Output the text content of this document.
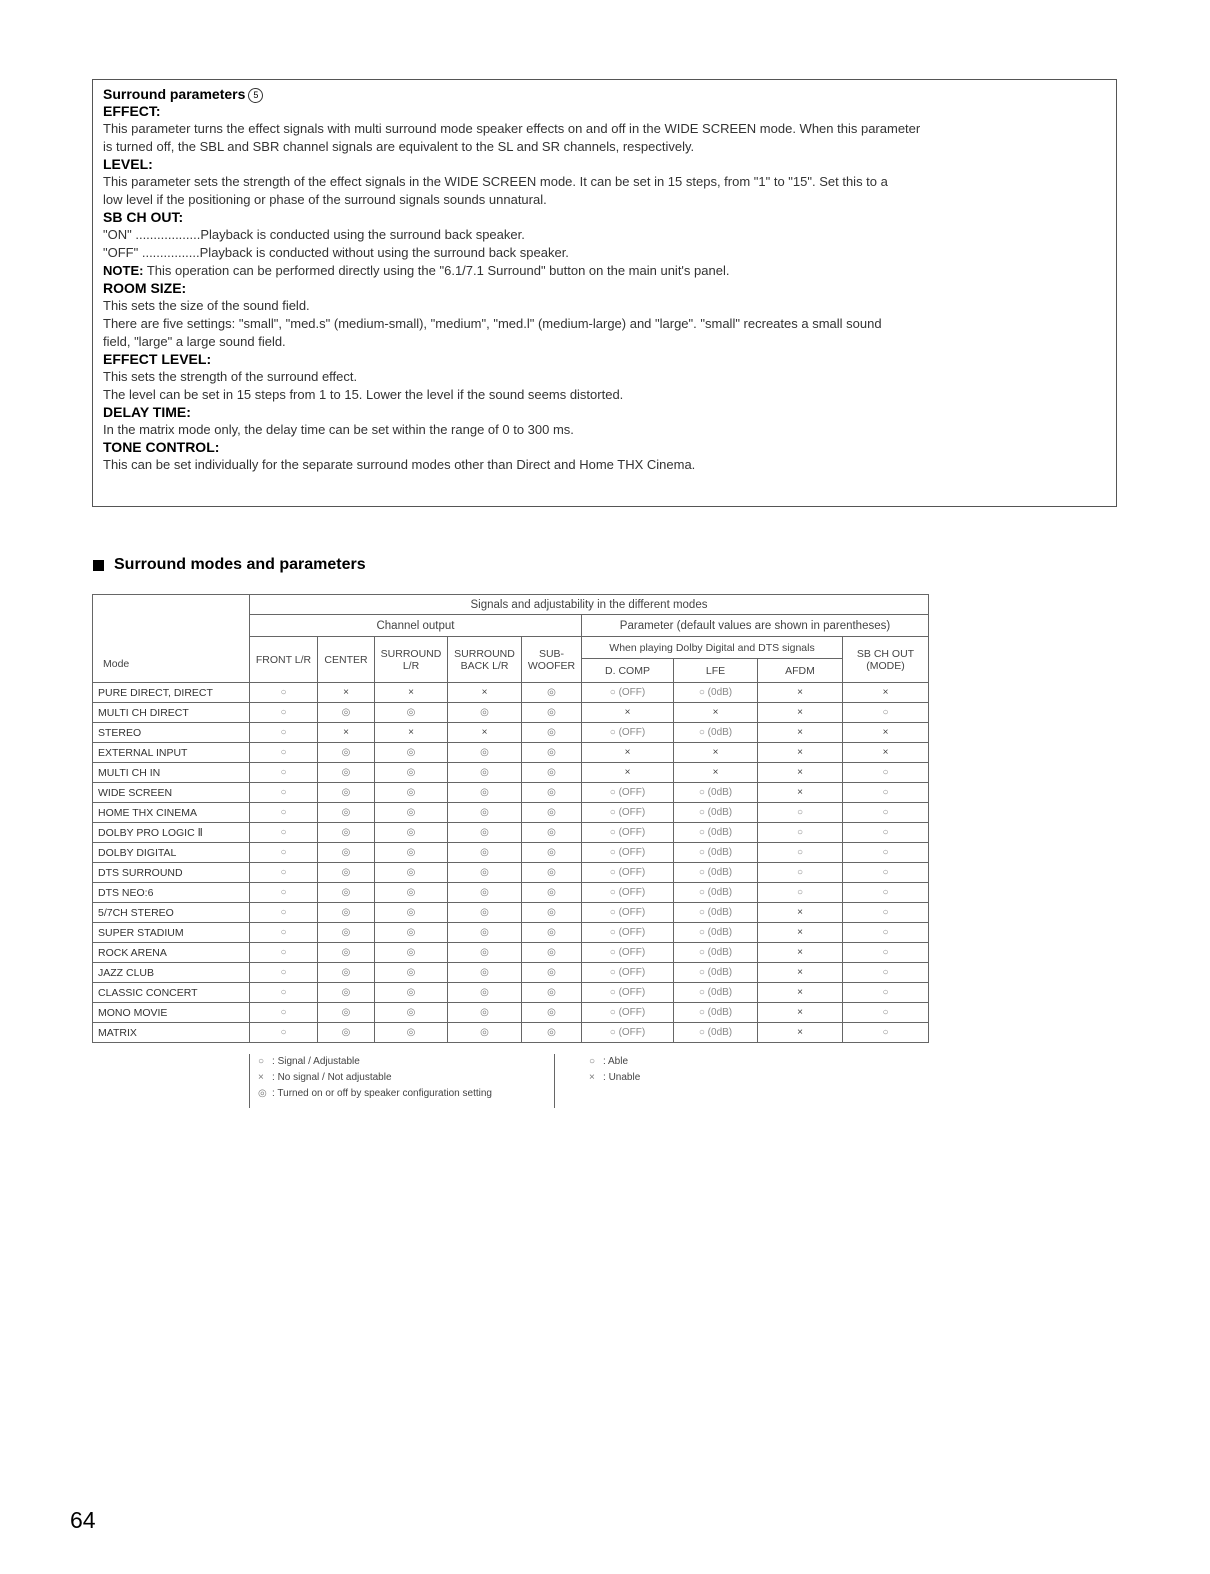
Surround parameters 5
EFFECT:

This parameter turns the effect signals with multi surround mode speaker effects on and off in the WIDE SCREEN mode. When this parameter

is turned off, the SBL and SBR channel signals are equivalent to the SL and SR channels, respectively.

LEVEL:

This parameter sets the strength of the effect signals in the WIDE SCREEN mode. It can be set in 15 steps, from "1" to "15". Set this to a

low level if the positioning or phase of the surround signals sounds unnatural.

SB CH OUT:

"ON" ..................Playback is conducted using the surround back speaker.

"OFF" ................Playback is conducted without using the surround back speaker.

NOTE: This operation can be performed directly using the "6.1/7.1 Surround" button on the main unit's panel.

ROOM SIZE:

This sets the size of the sound field.

There are five settings: "small", "med.s" (medium-small), "medium", "med.l" (medium-large) and "large". "small" recreates a small sound

field, "large" a large sound field.

EFFECT LEVEL:

This sets the strength of the surround effect.

The level can be set in 15 steps from 1 to 15. Lower the level if the sound seems distorted.

DELAY TIME:

In the matrix mode only, the delay time can be set within the range of 0 to 300 ms.

TONE CONTROL:

This can be set individually for the separate surround modes other than Direct and Home THX Cinema.

Surround modes and parameters
	Signals and adjustability in the different modes								
Mode	Channel output					Parameter (default values are shown in parentheses)			
	FRONT L/R	CENTER	SURROUND
L/R	SURROUND
BACK L/R	SUB-
WOOFER	When playing Dolby Digital and DTS signals			SB CH OUT
(MODE)
						D. COMP	LFE	AFDM	
PURE DIRECT, DIRECT	○	×	×	×	◎	○ (OFF)	○ (0dB)	×	×
MULTI CH DIRECT	○	◎	◎	◎	◎	×	×	×	○
STEREO	○	×	×	×	◎	○ (OFF)	○ (0dB)	×	×
EXTERNAL INPUT	○	◎	◎	◎	◎	×	×	×	×
MULTI CH IN	○	◎	◎	◎	◎	×	×	×	○
WIDE SCREEN	○	◎	◎	◎	◎	○ (OFF)	○ (0dB)	×	○
HOME THX CINEMA	○	◎	◎	◎	◎	○ (OFF)	○ (0dB)	○	○
DOLBY PRO LOGIC Ⅱ	○	◎	◎	◎	◎	○ (OFF)	○ (0dB)	○	○
DOLBY DIGITAL	○	◎	◎	◎	◎	○ (OFF)	○ (0dB)	○	○
DTS SURROUND	○	◎	◎	◎	◎	○ (OFF)	○ (0dB)	○	○
DTS NEO:6	○	◎	◎	◎	◎	○ (OFF)	○ (0dB)	○	○
5/7CH STEREO	○	◎	◎	◎	◎	○ (OFF)	○ (0dB)	×	○
SUPER STADIUM	○	◎	◎	◎	◎	○ (OFF)	○ (0dB)	×	○
ROCK ARENA	○	◎	◎	◎	◎	○ (OFF)	○ (0dB)	×	○
JAZZ CLUB	○	◎	◎	◎	◎	○ (OFF)	○ (0dB)	×	○
CLASSIC CONCERT	○	◎	◎	◎	◎	○ (OFF)	○ (0dB)	×	○
MONO MOVIE	○	◎	◎	◎	◎	○ (OFF)	○ (0dB)	×	○
MATRIX	○	◎	◎	◎	◎	○ (OFF)	○ (0dB)	×	○
○ : Signal / Adjustable
× : No signal / Not adjustable
◎ : Turned on or off by speaker configuration setting
○ : Able
× : Unable
64
